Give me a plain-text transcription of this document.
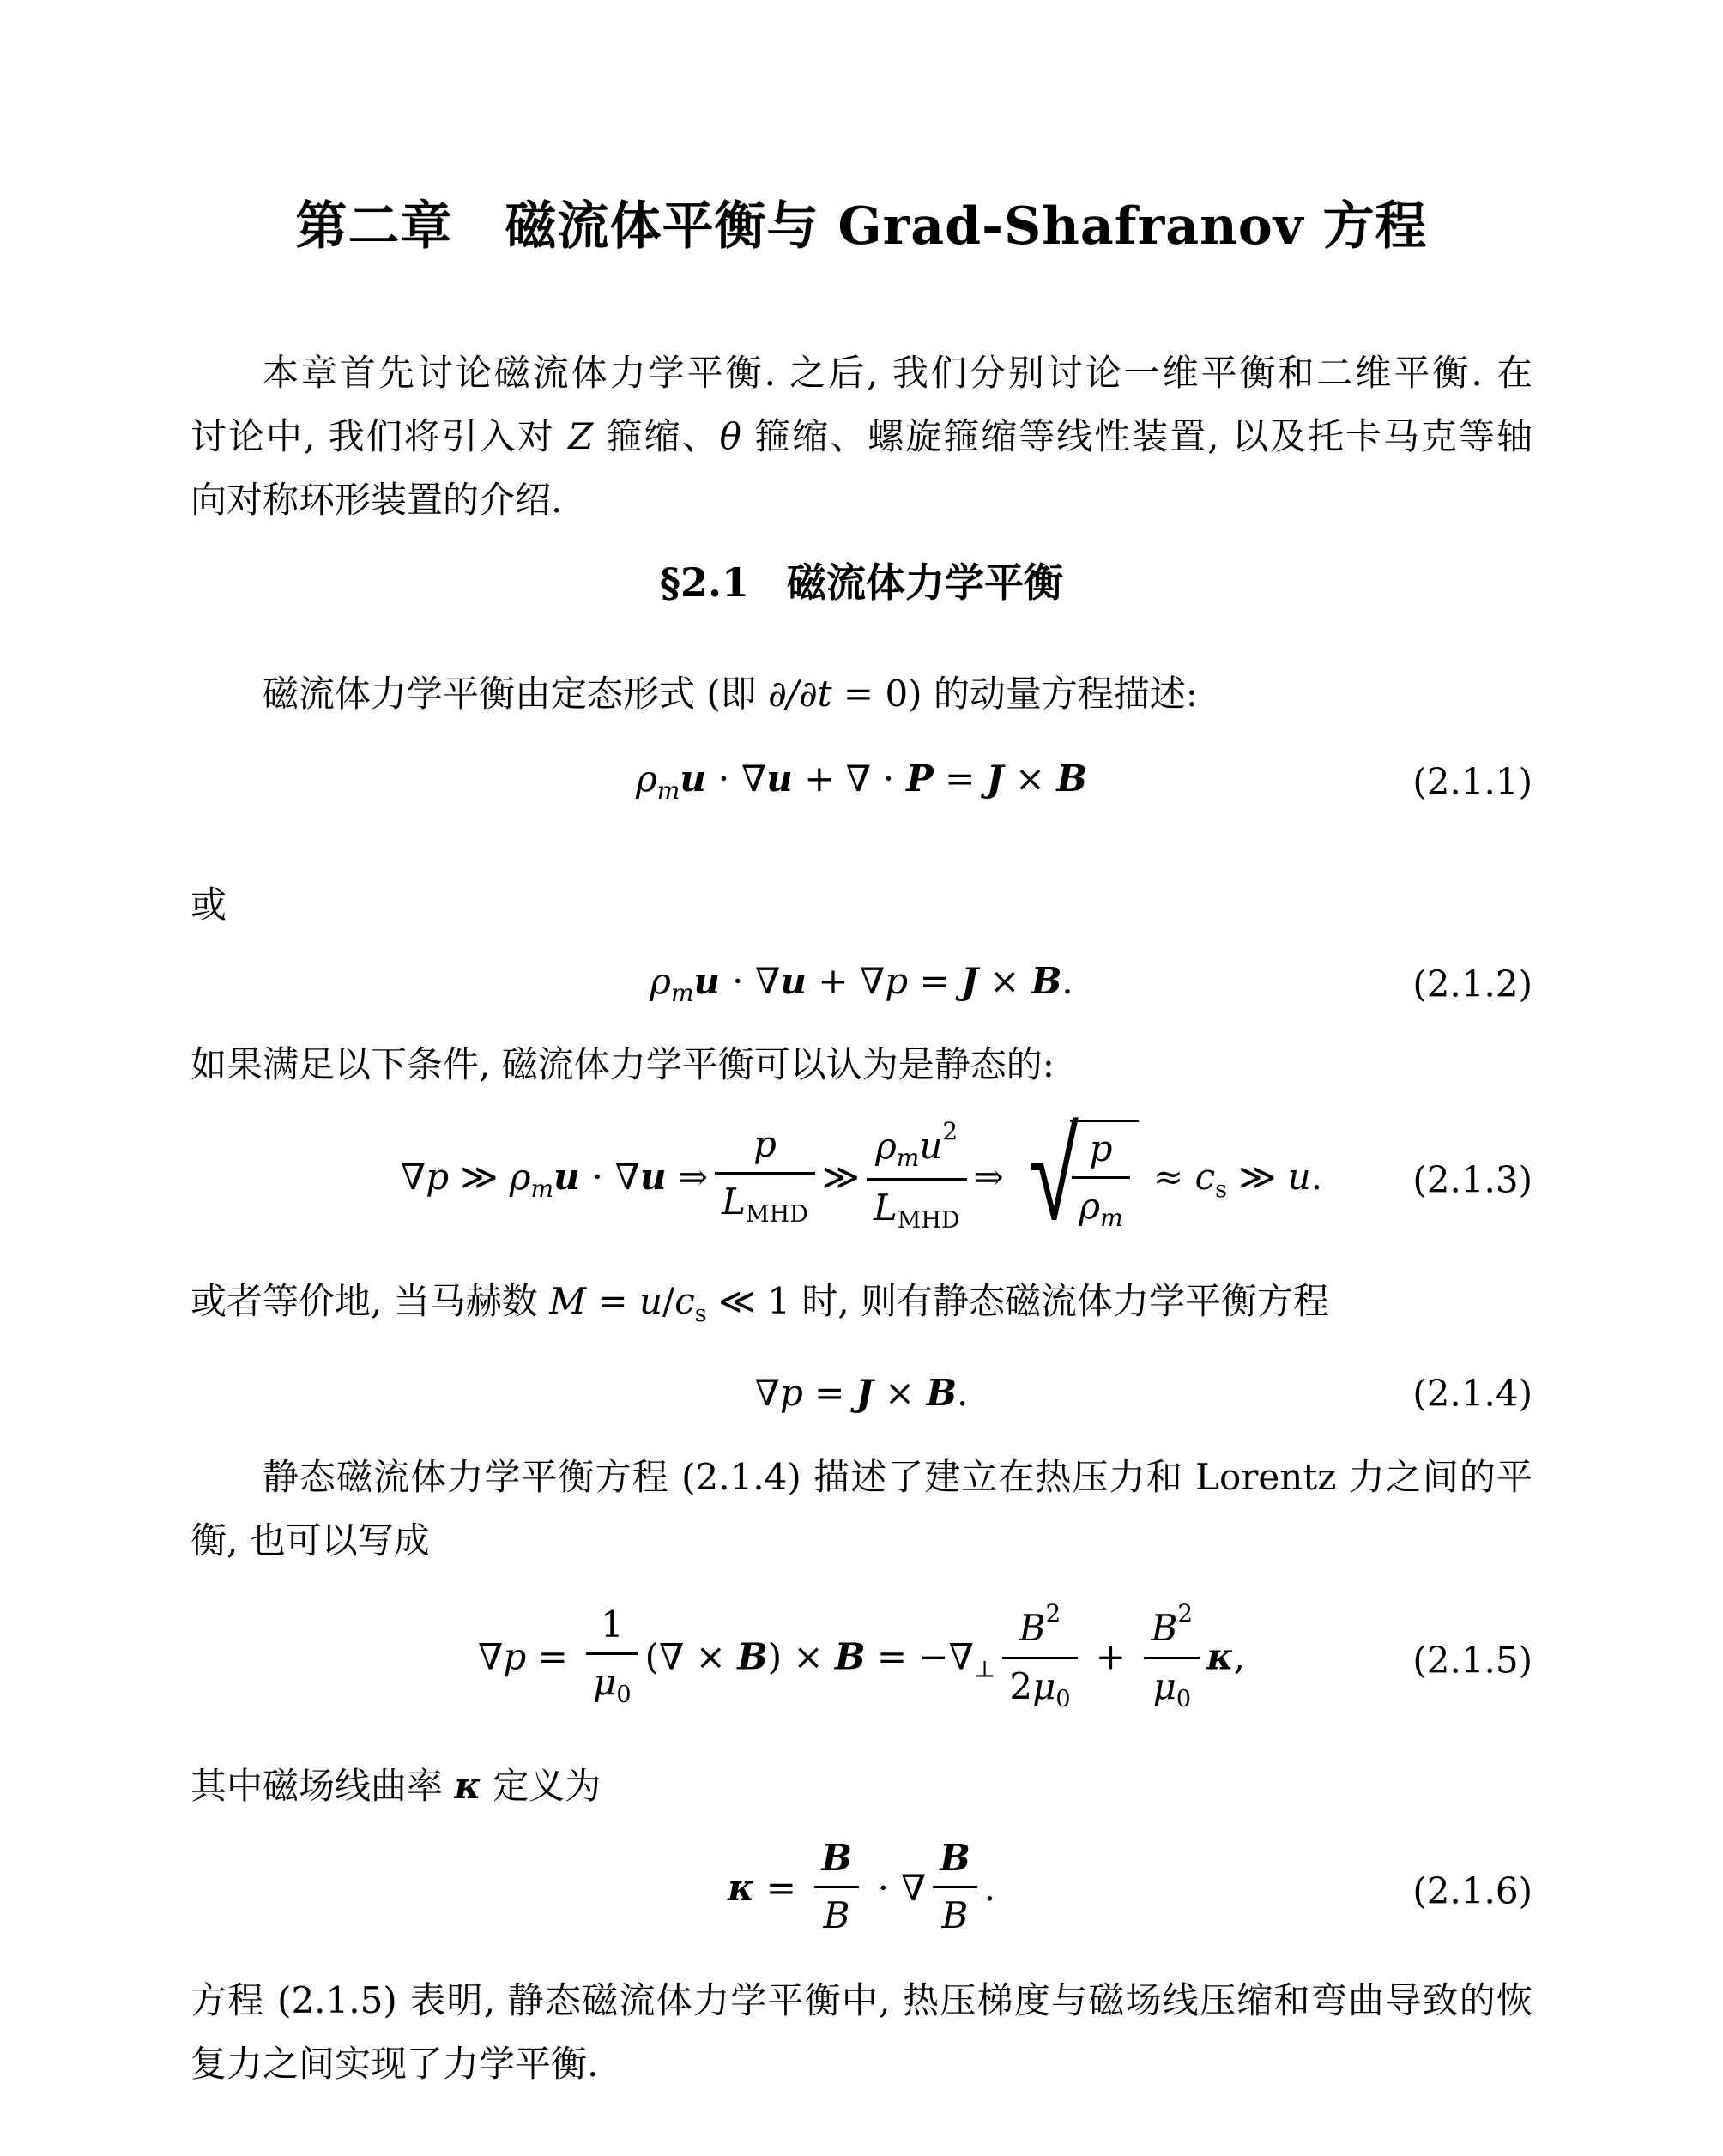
第二章　磁流体平衡与 Grad-Shafranov 方程
本章首先讨论磁流体力学平衡. 之后, 我们分别讨论一维平衡和二维平衡. 在
讨论中, 我们将引入对 Z 箍缩、θ 箍缩、螺旋箍缩等线性装置, 以及托卡马克等轴
向对称环形装置的介绍.
§2.1 磁流体力学平衡
磁流体力学平衡由定态形式 (即 ∂/∂t = 0) 的动量方程描述:
$\rho_mu \cdot \nabla u$ + ∇ ⋅ P = J × B	(2.1.1)
或
$\rho_mu \cdot \nabla u + \nabla p = J \times B$.	(2.1.2)
如果满足以下条件, 磁流体力学平衡可以认为是静态的:
∇p ≫ $\rho_mu \cdot \nabla u$ ⇒ $\frac{p}{L_{MHD}}$ ≫ $\frac{\rho_mu^2}{L_{MHD}}$ ⇒ √
$\frac{p}{\rho_m} \approx c_s$ ≫ u.	(2.1.3)
或者等价地, 当马赫数 $M = u/c_s$ ≪ 1 时, 则有静态磁流体力学平衡方程
∇p = J × B.	(2.1.4)
静态磁流体力学平衡方程 (2.1.4) 描述了建立在热压力和 Lorentz 力之间的平
衡, 也可以写成
$\nabla p = \frac{1}{\mu_0}$ (∇ × $B) \times B = -\nabla_\perp \frac{B^2}{2\mu_0} + \frac{B^2}{\mu_0} \kappa$,	(2.1.5)
其中磁场线曲率 κ 定义为
$\kappa = \frac{B}{B}$ ⋅ ∇ $\frac{B}{B}$ .	(2.1.6)
方程 (2.1.5) 表明, 静态磁流体力学平衡中, 热压梯度与磁场线压缩和弯曲导致的恢
复力之间实现了力学平衡.
